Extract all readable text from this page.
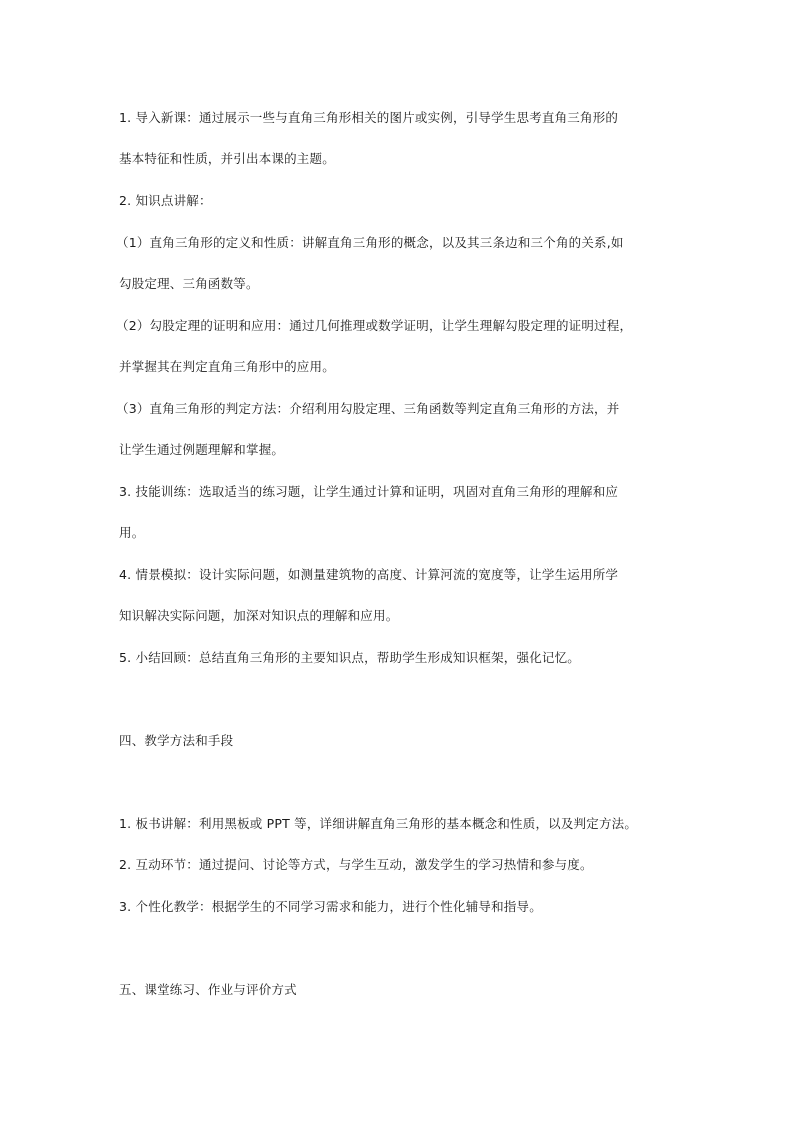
1. 导入新课：通过展示一些与直角三角形相关的图片或实例，引导学生思考直角三角形的
基本特征和性质，并引出本课的主题。
2. 知识点讲解：
（1）直角三角形的定义和性质：讲解直角三角形的概念，以及其三条边和三个角的关系,如
勾股定理、三角函数等。
（2）勾股定理的证明和应用：通过几何推理或数学证明，让学生理解勾股定理的证明过程，
并掌握其在判定直角三角形中的应用。
（3）直角三角形的判定方法：介绍利用勾股定理、三角函数等判定直角三角形的方法，并
让学生通过例题理解和掌握。
3. 技能训练：选取适当的练习题，让学生通过计算和证明，巩固对直角三角形的理解和应
用。
4. 情景模拟：设计实际问题，如测量建筑物的高度、计算河流的宽度等，让学生运用所学
知识解决实际问题，加深对知识点的理解和应用。
5. 小结回顾：总结直角三角形的主要知识点，帮助学生形成知识框架，强化记忆。
四、教学方法和手段
1. 板书讲解：利用黑板或 PPT 等，详细讲解直角三角形的基本概念和性质，以及判定方法。
2. 互动环节：通过提问、讨论等方式，与学生互动，激发学生的学习热情和参与度。
3. 个性化教学：根据学生的不同学习需求和能力，进行个性化辅导和指导。
五、课堂练习、作业与评价方式
